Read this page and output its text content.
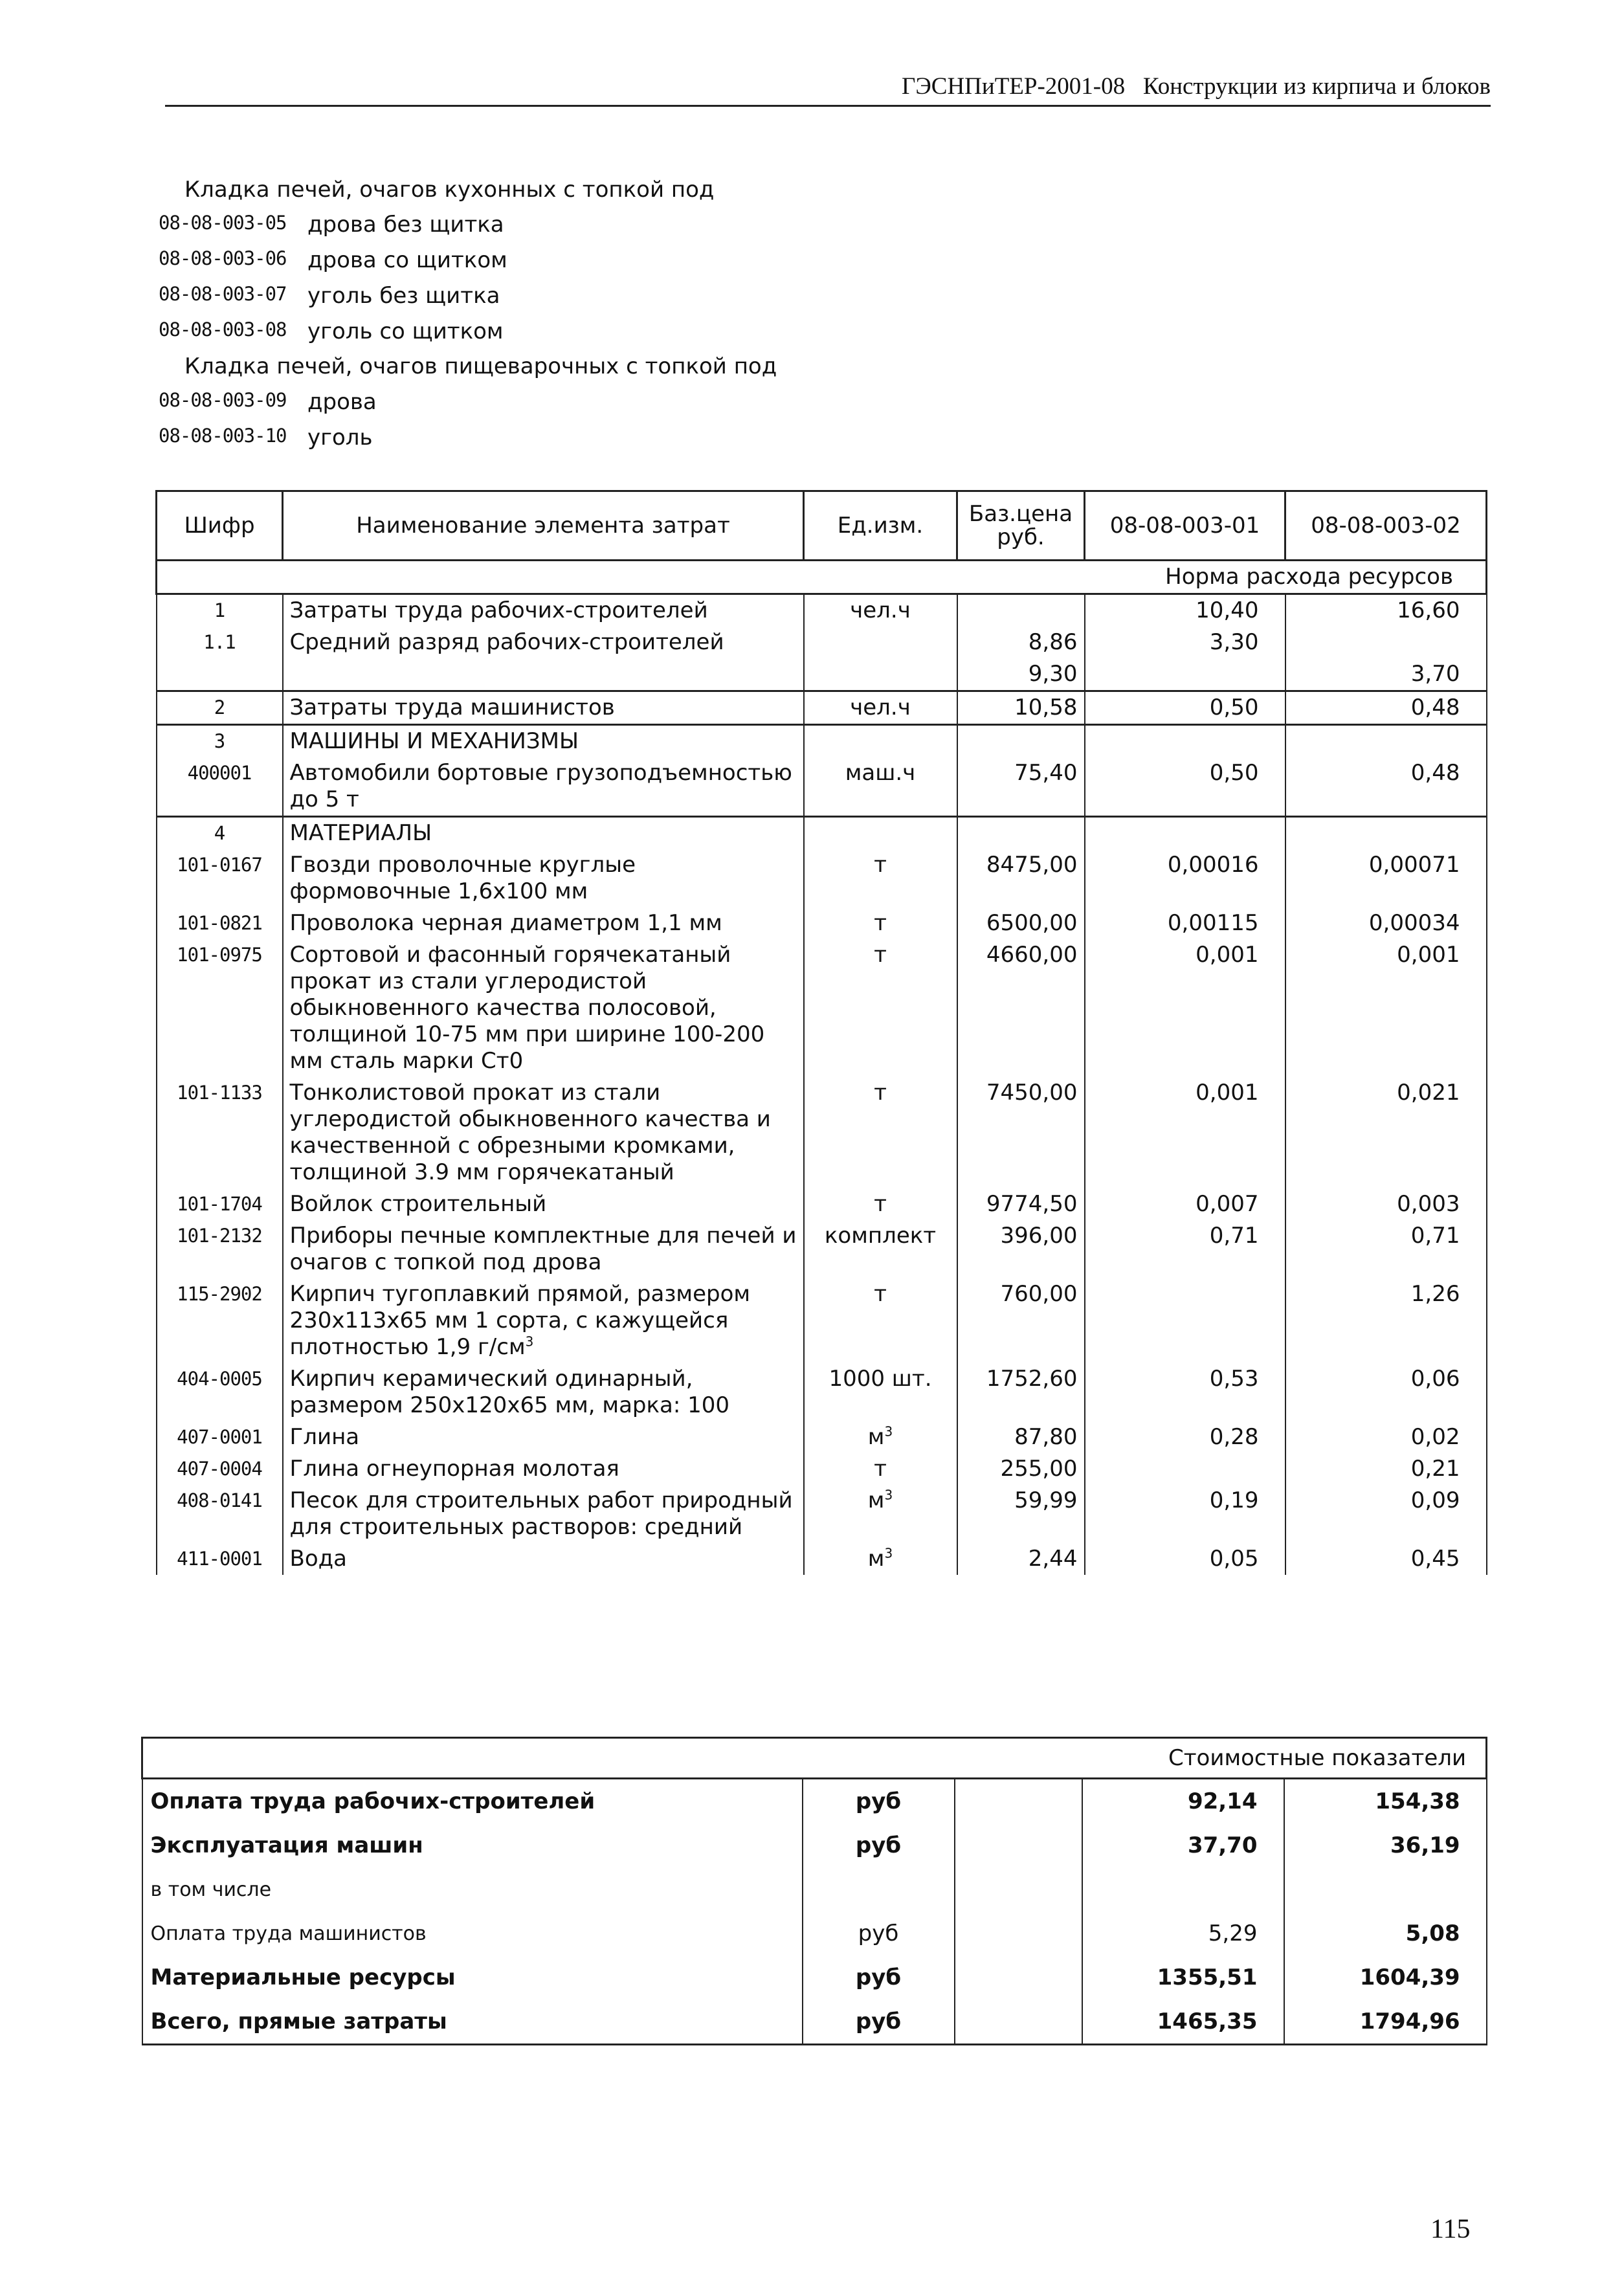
ГЭСНПиТЕР-2001-08   Конструкции из кирпича и блоков
Кладка печей, очагов кухонных с топкой под
08-08-003-05 дрова без щитка
08-08-003-06 дрова со щитком
08-08-003-07 уголь без щитка
08-08-003-08 уголь со щитком
Кладка печей, очагов пищеварочных с топкой под
08-08-003-09 дрова
08-08-003-10 уголь
Шифр	Наименование элемента затрат	Ед.изм.	Баз.цена руб.	08-08-003-01	08-08-003-02
Норма расхода ресурсов					
1	Затраты труда рабочих-строителей	чел.ч		10,40	16,60
1.1	Средний разряд рабочих-строителей		8,86	3,30	
			9,30		3,70
2	Затраты труда машинистов	чел.ч	10,58	0,50	0,48
3	МАШИНЫ И МЕХАНИЗМЫ				
400001	Автомобили бортовые грузоподъемностью до 5 т	маш.ч	75,40	0,50	0,48
4	МАТЕРИАЛЫ				
101-0167	Гвозди проволочные круглые формовочные 1,6х100 мм	т	8475,00	0,00016	0,00071
101-0821	Проволока черная диаметром 1,1 мм	т	6500,00	0,00115	0,00034
101-0975	Сортовой и фасонный горячекатаный прокат из стали углеродистой обыкновенного качества полосовой, толщиной 10-75 мм при ширине 100-200 мм сталь марки Ст0	т	4660,00	0,001	0,001
101-1133	Тонколистовой прокат из стали углеродистой обыкновенного качества и качественной с обрезными кромками, толщиной 3.9 мм горячекатаный	т	7450,00	0,001	0,021
101-1704	Войлок строительный	т	9774,50	0,007	0,003
101-2132	Приборы печные комплектные для печей и очагов с топкой под дрова	комплект	396,00	0,71	0,71
115-2902	Кирпич тугоплавкий прямой, размером 230х113х65 мм 1 сорта, с кажущейся плотностью 1,9 $г/см^3$	т	760,00		1,26
404-0005	Кирпич керамический одинарный, размером 250х120х65 мм, марка: 100	1000 шт.	1752,60	0,53	0,06
407-0001	Глина	$м^3$	87,80	0,28	0,02
407-0004	Глина огнеупорная молотая	т	255,00		0,21
408-0141	Песок для строительных работ природный для строительных растворов: средний	$м^3$	59,99	0,19	0,09
411-0001	Вода	$м^3$	2,44	0,05	0,45
Стоимостные показатели				
Оплата труда рабочих-строителей	руб		92,14	154,38
Эксплуатация машин	руб		37,70	36,19
в том числе				
Оплата труда машинистов	руб		5,29	5,08
Материальные ресурсы	руб		1355,51	1604,39
Всего, прямые затраты	руб		1465,35	1794,96
115
